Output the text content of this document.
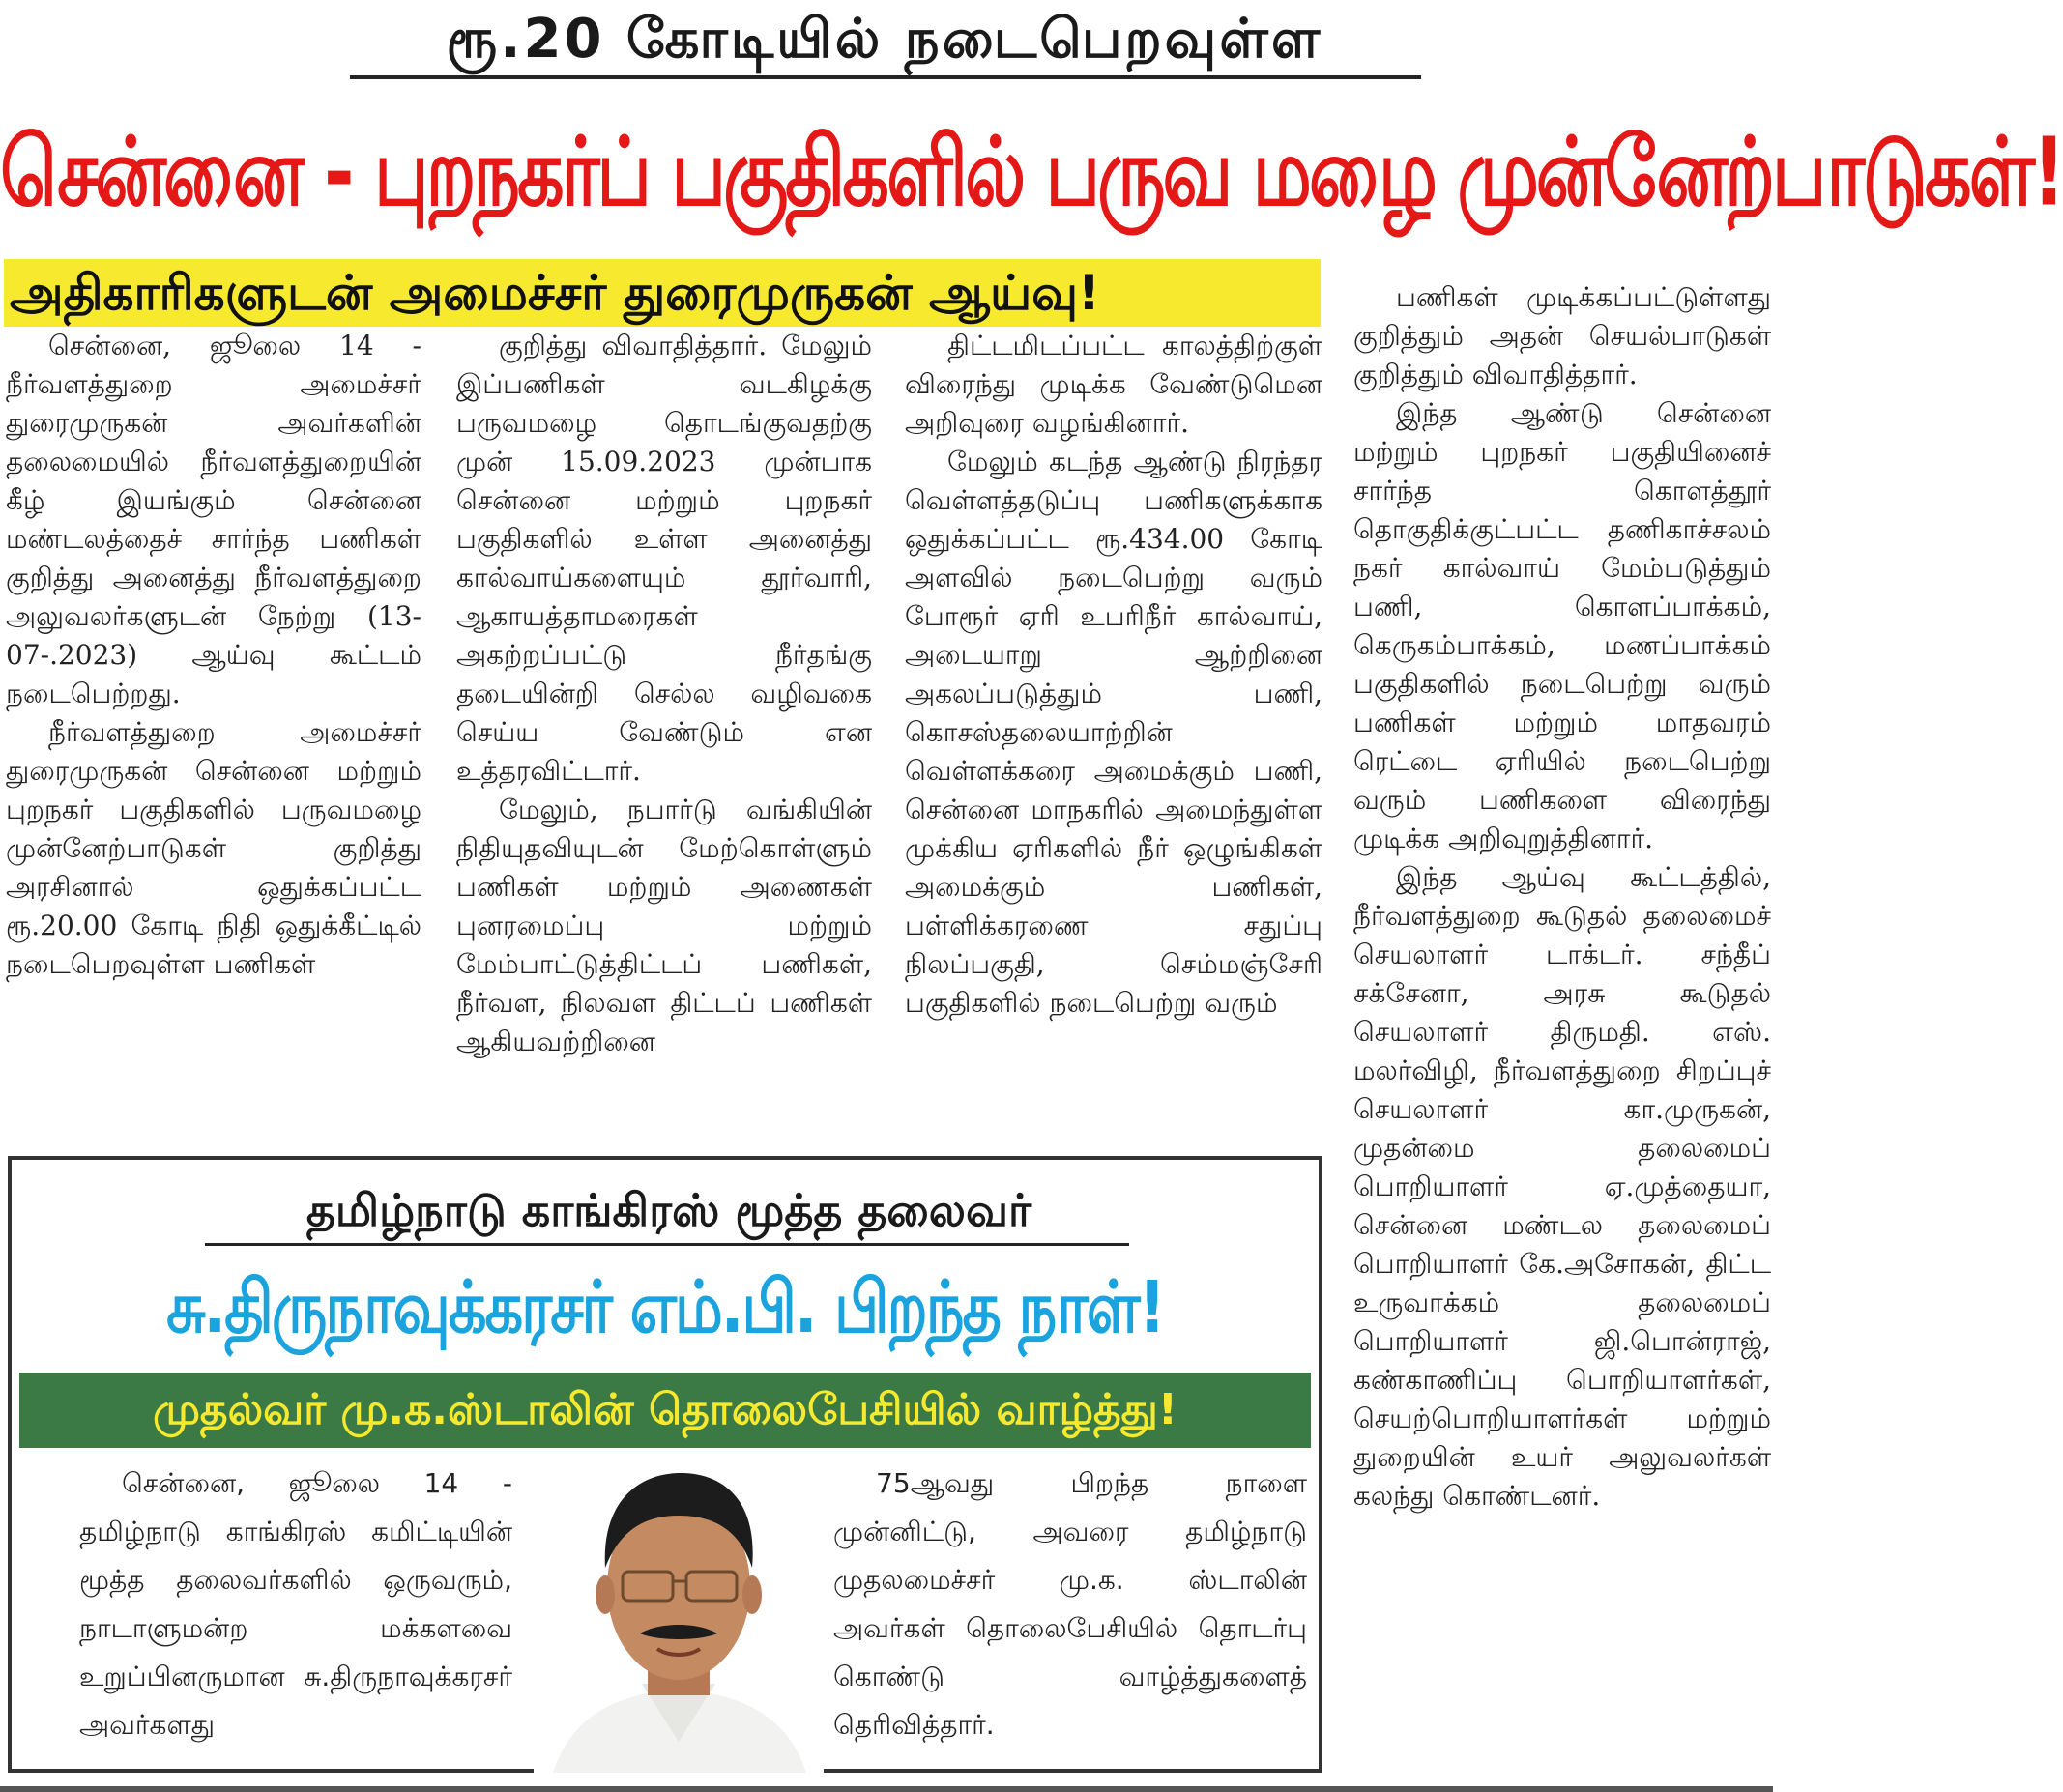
ரூ.20 கோடியில் நடைபெறவுள்ள
சென்னை - புறநகர்ப் பகுதிகளில் பருவ மழை முன்னேற்பாடுகள்!
அதிகாரிகளுடன் அமைச்சர் துரைமுருகன் ஆய்வு!

சென்னை, ஜூலை 14 - நீர்வளத்துறை அமைச்சர் துரைமுருகன் அவர்களின் தலைமையில் நீர்வளத்துறையின் கீழ் இயங்கும் சென்னை மண்டலத்தைச் சார்ந்த பணிகள் குறித்து அனைத்து நீர்வளத்துறை அலுவலர்களுடன் நேற்று (13-07-.2023) ஆய்வு கூட்டம் நடைபெற்றது.

நீர்வளத்துறை அமைச்சர் துரைமுருகன் சென்னை மற்றும் புறநகர் பகுதிகளில் பருவமழை முன்னேற்பாடுகள் குறித்து அரசினால் ஒதுக்கப்பட்ட ரூ.20.00 கோடி நிதி ஒதுக்கீட்டில் நடைபெறவுள்ள பணிகள்

குறித்து விவாதித்தார். மேலும் இப்பணிகள் வடகிழக்கு பருவமழை தொடங்குவதற்கு முன் 15.09.2023 முன்பாக சென்னை மற்றும் புறநகர் பகுதிகளில் உள்ள அனைத்து கால்வாய்களையும் தூர்வாரி, ஆகாயத்தாமரைகள் அகற்றப்பட்டு நீர்தங்கு தடையின்றி செல்ல வழிவகை செய்ய வேண்டும் என உத்தரவிட்டார்.

மேலும், நபார்டு வங்கியின் நிதியுதவியுடன் மேற்கொள்ளும் பணிகள் மற்றும் அணைகள் புனரமைப்பு மற்றும் மேம்பாட்டுத்திட்டப் பணிகள், நீர்வள, நிலவள திட்டப் பணிகள் ஆகியவற்றினை

திட்டமிடப்பட்ட காலத்திற்குள் விரைந்து முடிக்க வேண்டுமென அறிவுரை வழங்கினார்.

மேலும் கடந்த ஆண்டு நிரந்தர வெள்ளத்தடுப்பு பணிகளுக்காக ஒதுக்கப்பட்ட ரூ.434.00 கோடி அளவில் நடைபெற்று வரும் போரூர் ஏரி உபரிநீர் கால்வாய், அடையாறு ஆற்றினை அகலப்படுத்தும் பணி, கொசஸ்தலையாற்றின் வெள்ளக்கரை அமைக்கும் பணி, சென்னை மாநகரில் அமைந்துள்ள முக்கிய ஏரிகளில் நீர் ஒழுங்கிகள் அமைக்கும் பணிகள், பள்ளிக்கரணை சதுப்பு நிலப்பகுதி, செம்மஞ்சேரி பகுதிகளில் நடைபெற்று வரும்

பணிகள் முடிக்கப்பட்டுள்ளது குறித்தும் அதன் செயல்பாடுகள் குறித்தும் விவாதித்தார்.

இந்த ஆண்டு சென்னை மற்றும் புறநகர் பகுதியினைச் சார்ந்த கொளத்தூர் தொகுதிக்குட்பட்ட தணிகாச்சலம் நகர் கால்வாய் மேம்படுத்தும் பணி, கொளப்பாக்கம், கெருகம்பாக்கம், மணப்பாக்கம் பகுதிகளில் நடைபெற்று வரும் பணிகள் மற்றும் மாதவரம் ரெட்டை ஏரியில் நடைபெற்று வரும் பணிகளை விரைந்து முடிக்க அறிவுறுத்தினார்.

இந்த ஆய்வு கூட்டத்தில், நீர்வளத்துறை கூடுதல் தலைமைச் செயலாளர் டாக்டர். சந்தீப் சக்சேனா, அரசு கூடுதல் செயலாளர் திருமதி. எஸ். மலர்விழி, நீர்வளத்துறை சிறப்புச் செயலாளர் கா.முருகன், முதன்மை தலைமைப் பொறியாளர் ஏ.முத்தையா, சென்னை மண்டல தலைமைப் பொறியாளர் கே.அசோகன், திட்ட உருவாக்கம் தலைமைப் பொறியாளர் ஜி.பொன்ராஜ், கண்காணிப்பு பொறியாளர்கள், செயற்பொறியாளர்கள் மற்றும் துறையின் உயர் அலுவலர்கள் கலந்து கொண்டனர்.

தமிழ்நாடு காங்கிரஸ் மூத்த தலைவர்
சு.திருநாவுக்கரசர் எம்.பி. பிறந்த நாள்!
முதல்வர் மு.க.ஸ்டாலின் தொலைபேசியில் வாழ்த்து!

சென்னை, ஜூலை 14 - தமிழ்நாடு காங்கிரஸ் கமிட்டியின் மூத்த தலைவர்களில் ஒருவரும், நாடாளுமன்ற மக்களவை உறுப்பினருமான சு.திருநாவுக்கரசர் அவர்களது

75ஆவது பிறந்த நாளை முன்னிட்டு, அவரை தமிழ்நாடு முதலமைச்சர் மு.க. ஸ்டாலின் அவர்கள் தொலைபேசியில் தொடர்பு கொண்டு வாழ்த்துகளைத் தெரிவித்தார்.
